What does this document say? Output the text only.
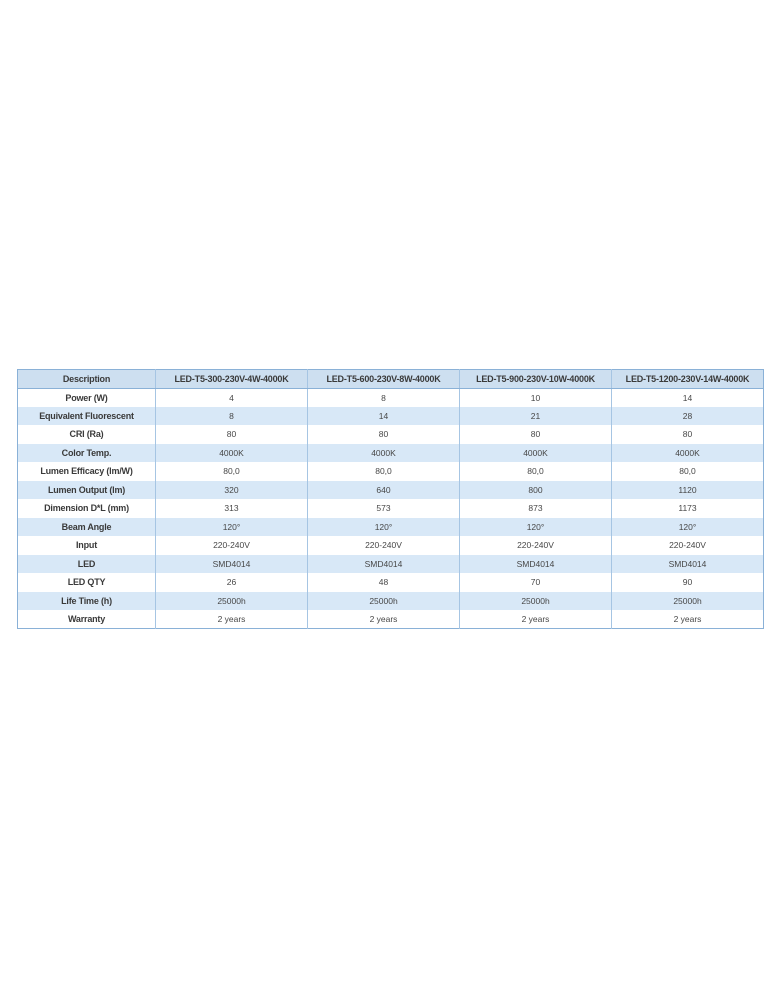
Description	LED-T5-300-230V-4W-4000K	LED-T5-600-230V-8W-4000K	LED-T5-900-230V-10W-4000K	LED-T5-1200-230V-14W-4000K
Power (W)	4	8	10	14
Equivalent Fluorescent	8	14	21	28
CRI (Ra)	80	80	80	80
Color Temp.	4000K	4000K	4000K	4000K
Lumen Efficacy (lm/W)	80,0	80,0	80,0	80,0
Lumen Output (lm)	320	640	800	1120
Dimension D*L (mm)	313	573	873	1173
Beam Angle	120°	120°	120°	120°
Input	220-240V	220-240V	220-240V	220-240V
LED	SMD4014	SMD4014	SMD4014	SMD4014
LED QTY	26	48	70	90
Life Time (h)	25000h	25000h	25000h	25000h
Warranty	2 years	2 years	2 years	2 years
